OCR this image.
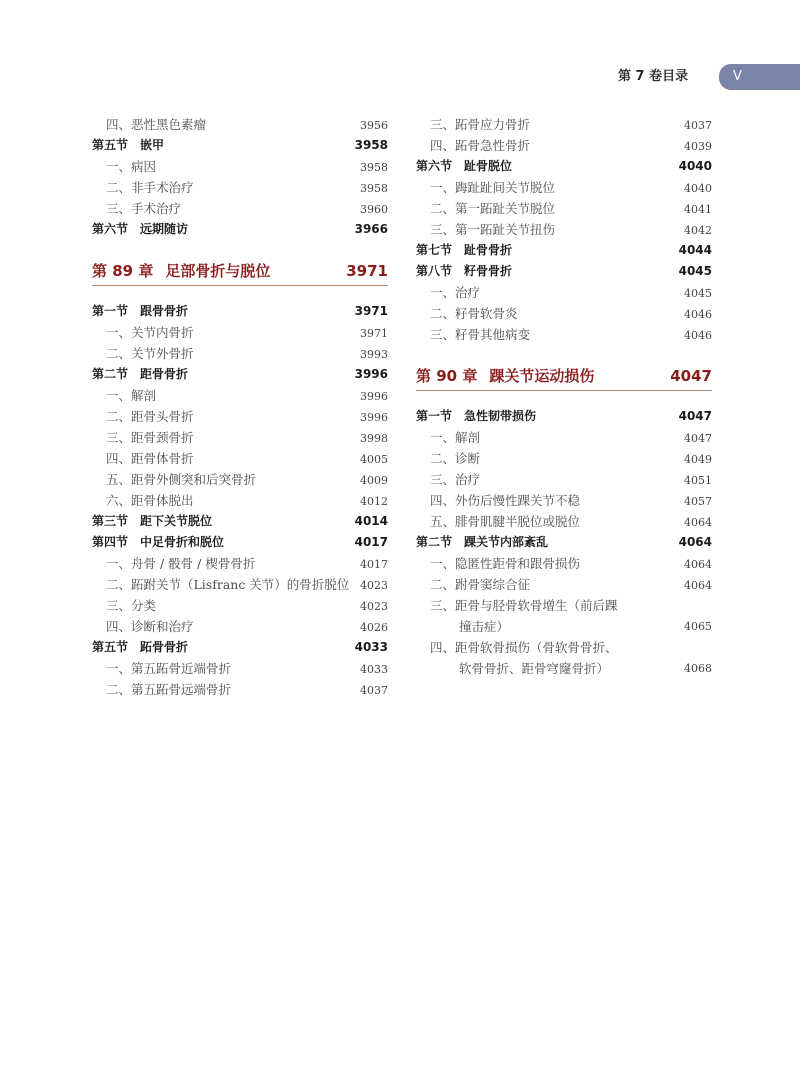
第 7 卷目录	V
四、恶性黑色素瘤	3956
第五节 嵌甲	3958
一、病因	3958
二、非手术治疗	3958
三、手术治疗	3960
第六节 远期随访	3966
第 89 章 足部骨折与脱位	3971
第一节 跟骨骨折	3971
一、关节内骨折	3971
二、关节外骨折	3993
第二节 距骨骨折	3996
一、解剖	3996
二、距骨头骨折	3996
三、距骨颈骨折	3998
四、距骨体骨折	4005
五、距骨外侧突和后突骨折	4009
六、距骨体脱出	4012
第三节 距下关节脱位	4014
第四节 中足骨折和脱位	4017
一、舟骨 / 骰骨 / 楔骨骨折	4017
二、跖跗关节（Lisfranc 关节）的骨折脱位 4023
三、分类	4023
四、诊断和治疗	4026
第五节 跖骨骨折	4033
一、第五跖骨近端骨折	4033
二、第五跖骨远端骨折	4037
三、跖骨应力骨折	4037
四、跖骨急性骨折	4039
第六节 趾骨脱位	4040
一、踇趾趾间关节脱位	4040
二、第一跖趾关节脱位	4041
三、第一跖趾关节扭伤	4042
第七节 趾骨骨折	4044
第八节 籽骨骨折	4045
一、治疗	4045
二、籽骨软骨炎	4046
三、籽骨其他病变	4046
第 90 章 踝关节运动损伤	4047
第一节 急性韧带损伤	4047
一、解剖	4047
二、诊断	4049
三、治疗	4051
四、外伤后慢性踝关节不稳	4057
五、腓骨肌腱半脱位或脱位	4064
第二节 踝关节内部紊乱	4064
一、隐匿性距骨和跟骨损伤	4064
二、跗骨窦综合征	4064
三、距骨与胫骨软骨增生（前后踝
撞击症）	4065
四、距骨软骨损伤（骨软骨骨折、
软骨骨折、距骨穹窿骨折）	4068
